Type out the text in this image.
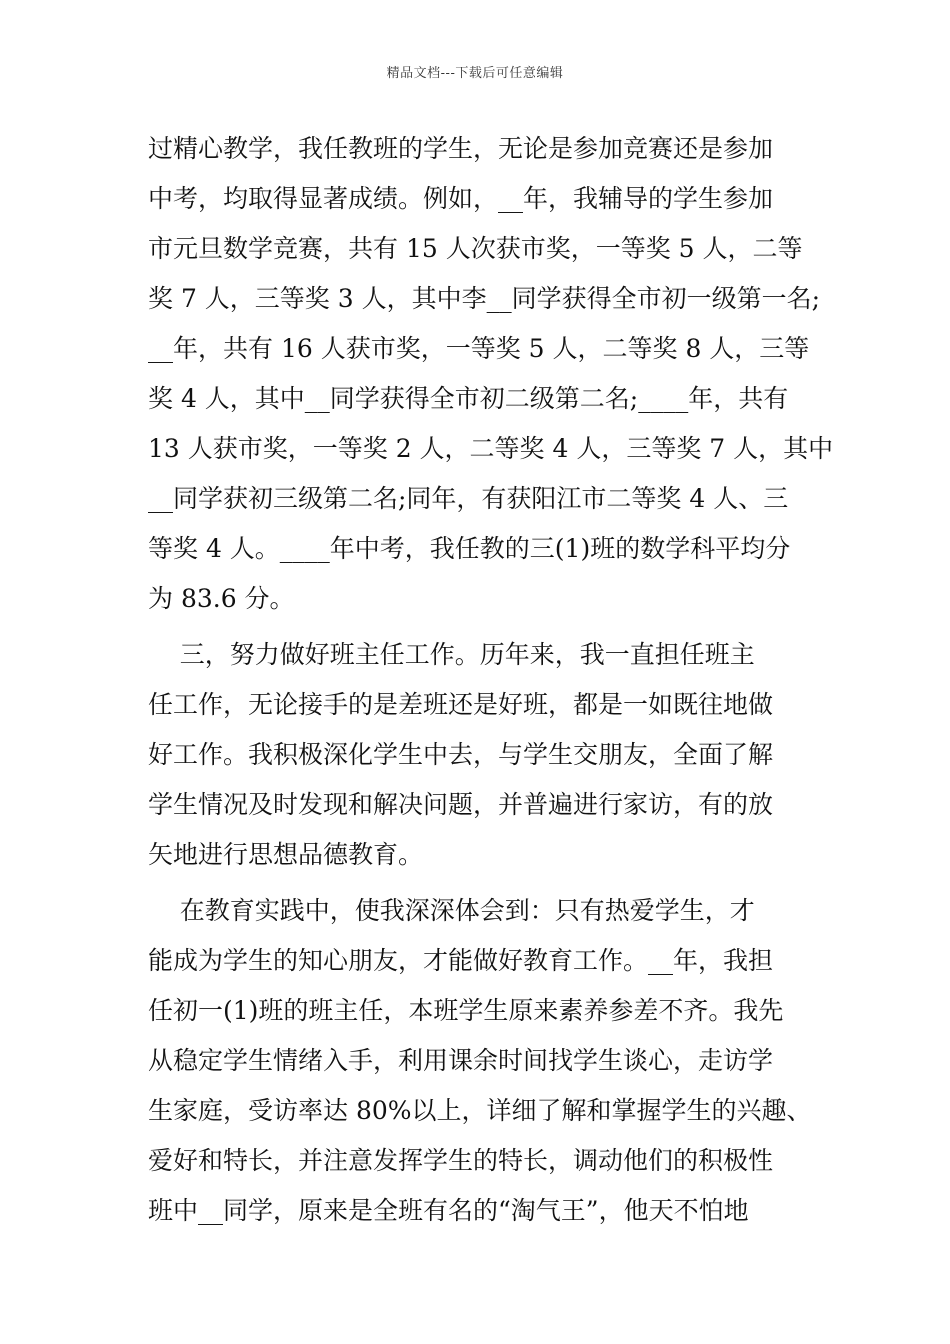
精品文档---下载后可任意编辑
过精心教学，我任教班的学生，无论是参加竞赛还是参加
中考，均取得显著成绩。例如，__年，我辅导的学生参加
市元旦数学竞赛，共有 15 人次获市奖，一等奖 5 人，二等
奖 7 人，三等奖 3 人，其中李__同学获得全市初一级第一名;
__年，共有 16 人获市奖，一等奖 5 人，二等奖 8 人，三等
奖 4 人，其中__同学获得全市初二级第二名;____年，共有
13 人获市奖，一等奖 2 人，二等奖 4 人，三等奖 7 人，其中
__同学获初三级第二名;同年，有获阳江市二等奖 4 人、三
等奖 4 人。____年中考，我任教的三(1)班的数学科平均分
为 83.6 分。
三，努力做好班主任工作。历年来，我一直担任班主
任工作，无论接手的是差班还是好班，都是一如既往地做
好工作。我积极深化学生中去，与学生交朋友，全面了解
学生情况及时发现和解决问题，并普遍进行家访，有的放
矢地进行思想品德教育。
在教育实践中，使我深深体会到：只有热爱学生，才
能成为学生的知心朋友，才能做好教育工作。__年，我担
任初一(1)班的班主任，本班学生原来素养参差不齐。我先
从稳定学生情绪入手，利用课余时间找学生谈心，走访学
生家庭，受访率达 80%以上，详细了解和掌握学生的兴趣、
爱好和特长，并注意发挥学生的特长，调动他们的积极性
班中__同学，原来是全班有名的“淘气王”，他天不怕地
